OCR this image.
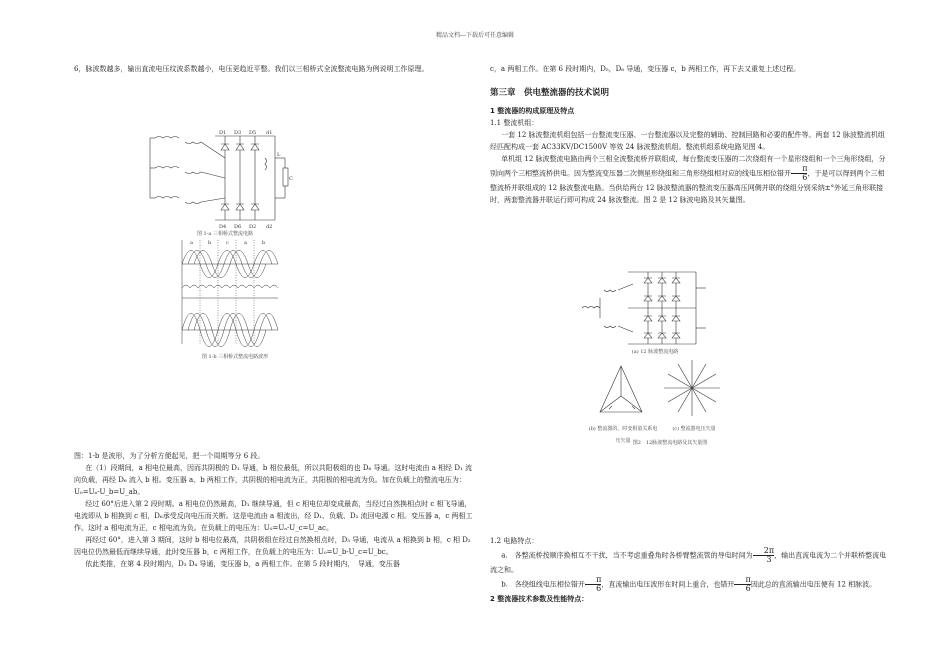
精品文档---下载后可任意编辑

6，脉波数越多，输出直流电压纹波系数越小，电压更趋近平整。我们以三相桥式全波整流电路为例说明工作原理。

D1 D3 D5 d1
D4 D6 D2 d2
L
C
图 1-a 三相桥式整流电路
a	b	c	a	b
图 1-b 三相桥式整流电路波形

图：1-b 是波形，为了分析方便起见，把一个周期等分 6 段。

在（1）段期间，a 相电位最高，因而共阴极的 D₁ 导通，b 相位最低，所以共阳极组的也 D₆ 导通。这时电流由 a 相经 D₁ 流向负载，再经 D₆ 流入 b 相。变压器 a、b 两相工作，共阴极的相电流为正，共阳极的相电流为负。加在负载上的整流电压为：U₀=Uₐ-U_b=U_ab。

经过 60°后进入第 2 段时期。a 相电位仍然最高，D₁ 继续导通，但 c 相电位却变成最高，当经过自然换相点时 c 相飞导通，电流即从 b 相换到 c 相，D₆承受反向电压而关断。这是电流由 a 相流出，经 D₁、负载、D₂ 流回电源 c 相。变压器 a，c 两相工作。这时 a 相电流为正，c 相电流为负。在负载上的电压为：U₀=Uₐ-U_c=U_ac。

再经过 60°，进入第 3 期间，这时 b 相电位最高，共阴极组在经过自然换相点时，D₃ 导通，电流从 a 相换到 b 相，c 相 D₂因电位仍然最低而继续导通，此时变压器 b，c 两相工作，在负载上的电压为：U₀=U_b-U_c=U_bc。

依此类推，在第 4 段时期内，D₃ D₄ 导通，变压器 b，a 两相工作。在第 5 段时期内，　导通，变压器

c，a 两相工作。在第 6 段时期内，D₅，D₆ 导通，变压器 c，b 两相工作，再下去又重复上述过程。

第三章　供电整流器的技术说明

1 整流器的构成原理及特点

1.1 整流机组：

一套 12 脉波整流机组包括一台整流变压器、一台整流器以及完整的辅助、控制回路和必要的配件等。两套 12 脉波整流机组经匹配构成一套 AC33KV/DC1500V 等效 24 脉波整流机组。整流机组系统电路见图 4。

单机组 12 脉波整流电路由两个三相全波整流桥并联组成，每台整流变压器的二次绕组有一个星形绕组和一个三角形绕组，分别向两个三相整流桥供电。因为整流变压器二次侧星形绕组和三角形绕组相对应的线电压相位错开 $\frac{\pi}{6}$ ，于是可以得到两个三相整流桥并联组成的 12 脉波整流电路。当供给两台 12 脉波整流器的整流变压器高压网侧并联的绕组分别采纳±°外延三角形联接时，两套整流器并联运行即可构成 24 脉波整流。图 2 是 12 脉波电路及其矢量图。

(a) 12 脉波整流电路
(b) 整流器的、时变相量关系电压矢量
(c) 整流器电压矢量
图2　12脉波整流电路及其矢量图

1.2 电路特点：

a.　各整流桥按顺序换相互不干扰，当不考虑重叠角时各桥臂整流管的导电时间为 $\frac{2\pi}{3}$ ，输出直流电流为二个并联桥整流电流之和。

b.　各绕组线电压相位错开 $\frac{\pi}{6}$ ，直流输出电压波形在时间上重合，也错开 $\frac{\pi}{6}$ 因此总的直流输出电压便有 12 相脉波。

2 整流器技术参数及性能特点：
